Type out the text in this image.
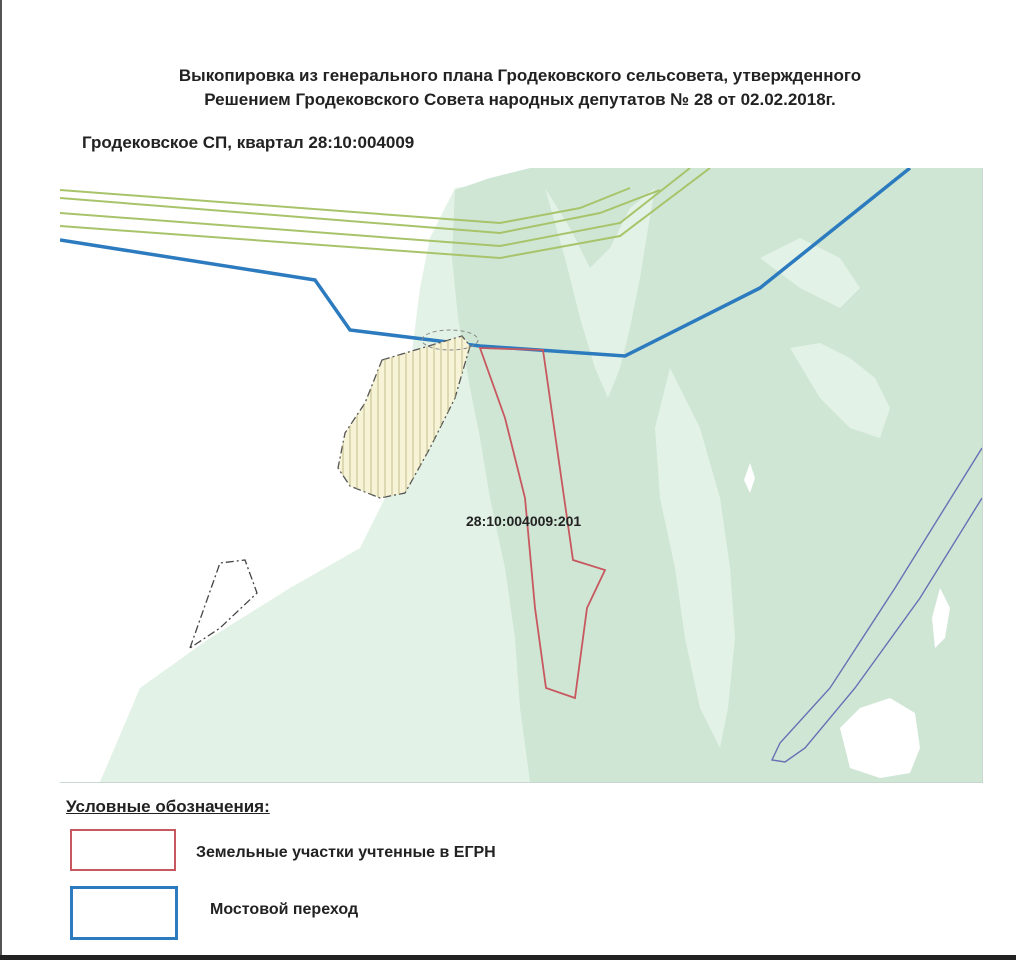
Выкопировка из генерального плана Гродековского сельсовета, утвержденного
Решением Гродековского Совета народных депутатов № 28 от 02.02.2018г.

Гродековское СП, квартал 28:10:004009

28:10:004009:201

Условные обозначения:

Земельные участки учтенные в ЕГРН
Мостовой переход
